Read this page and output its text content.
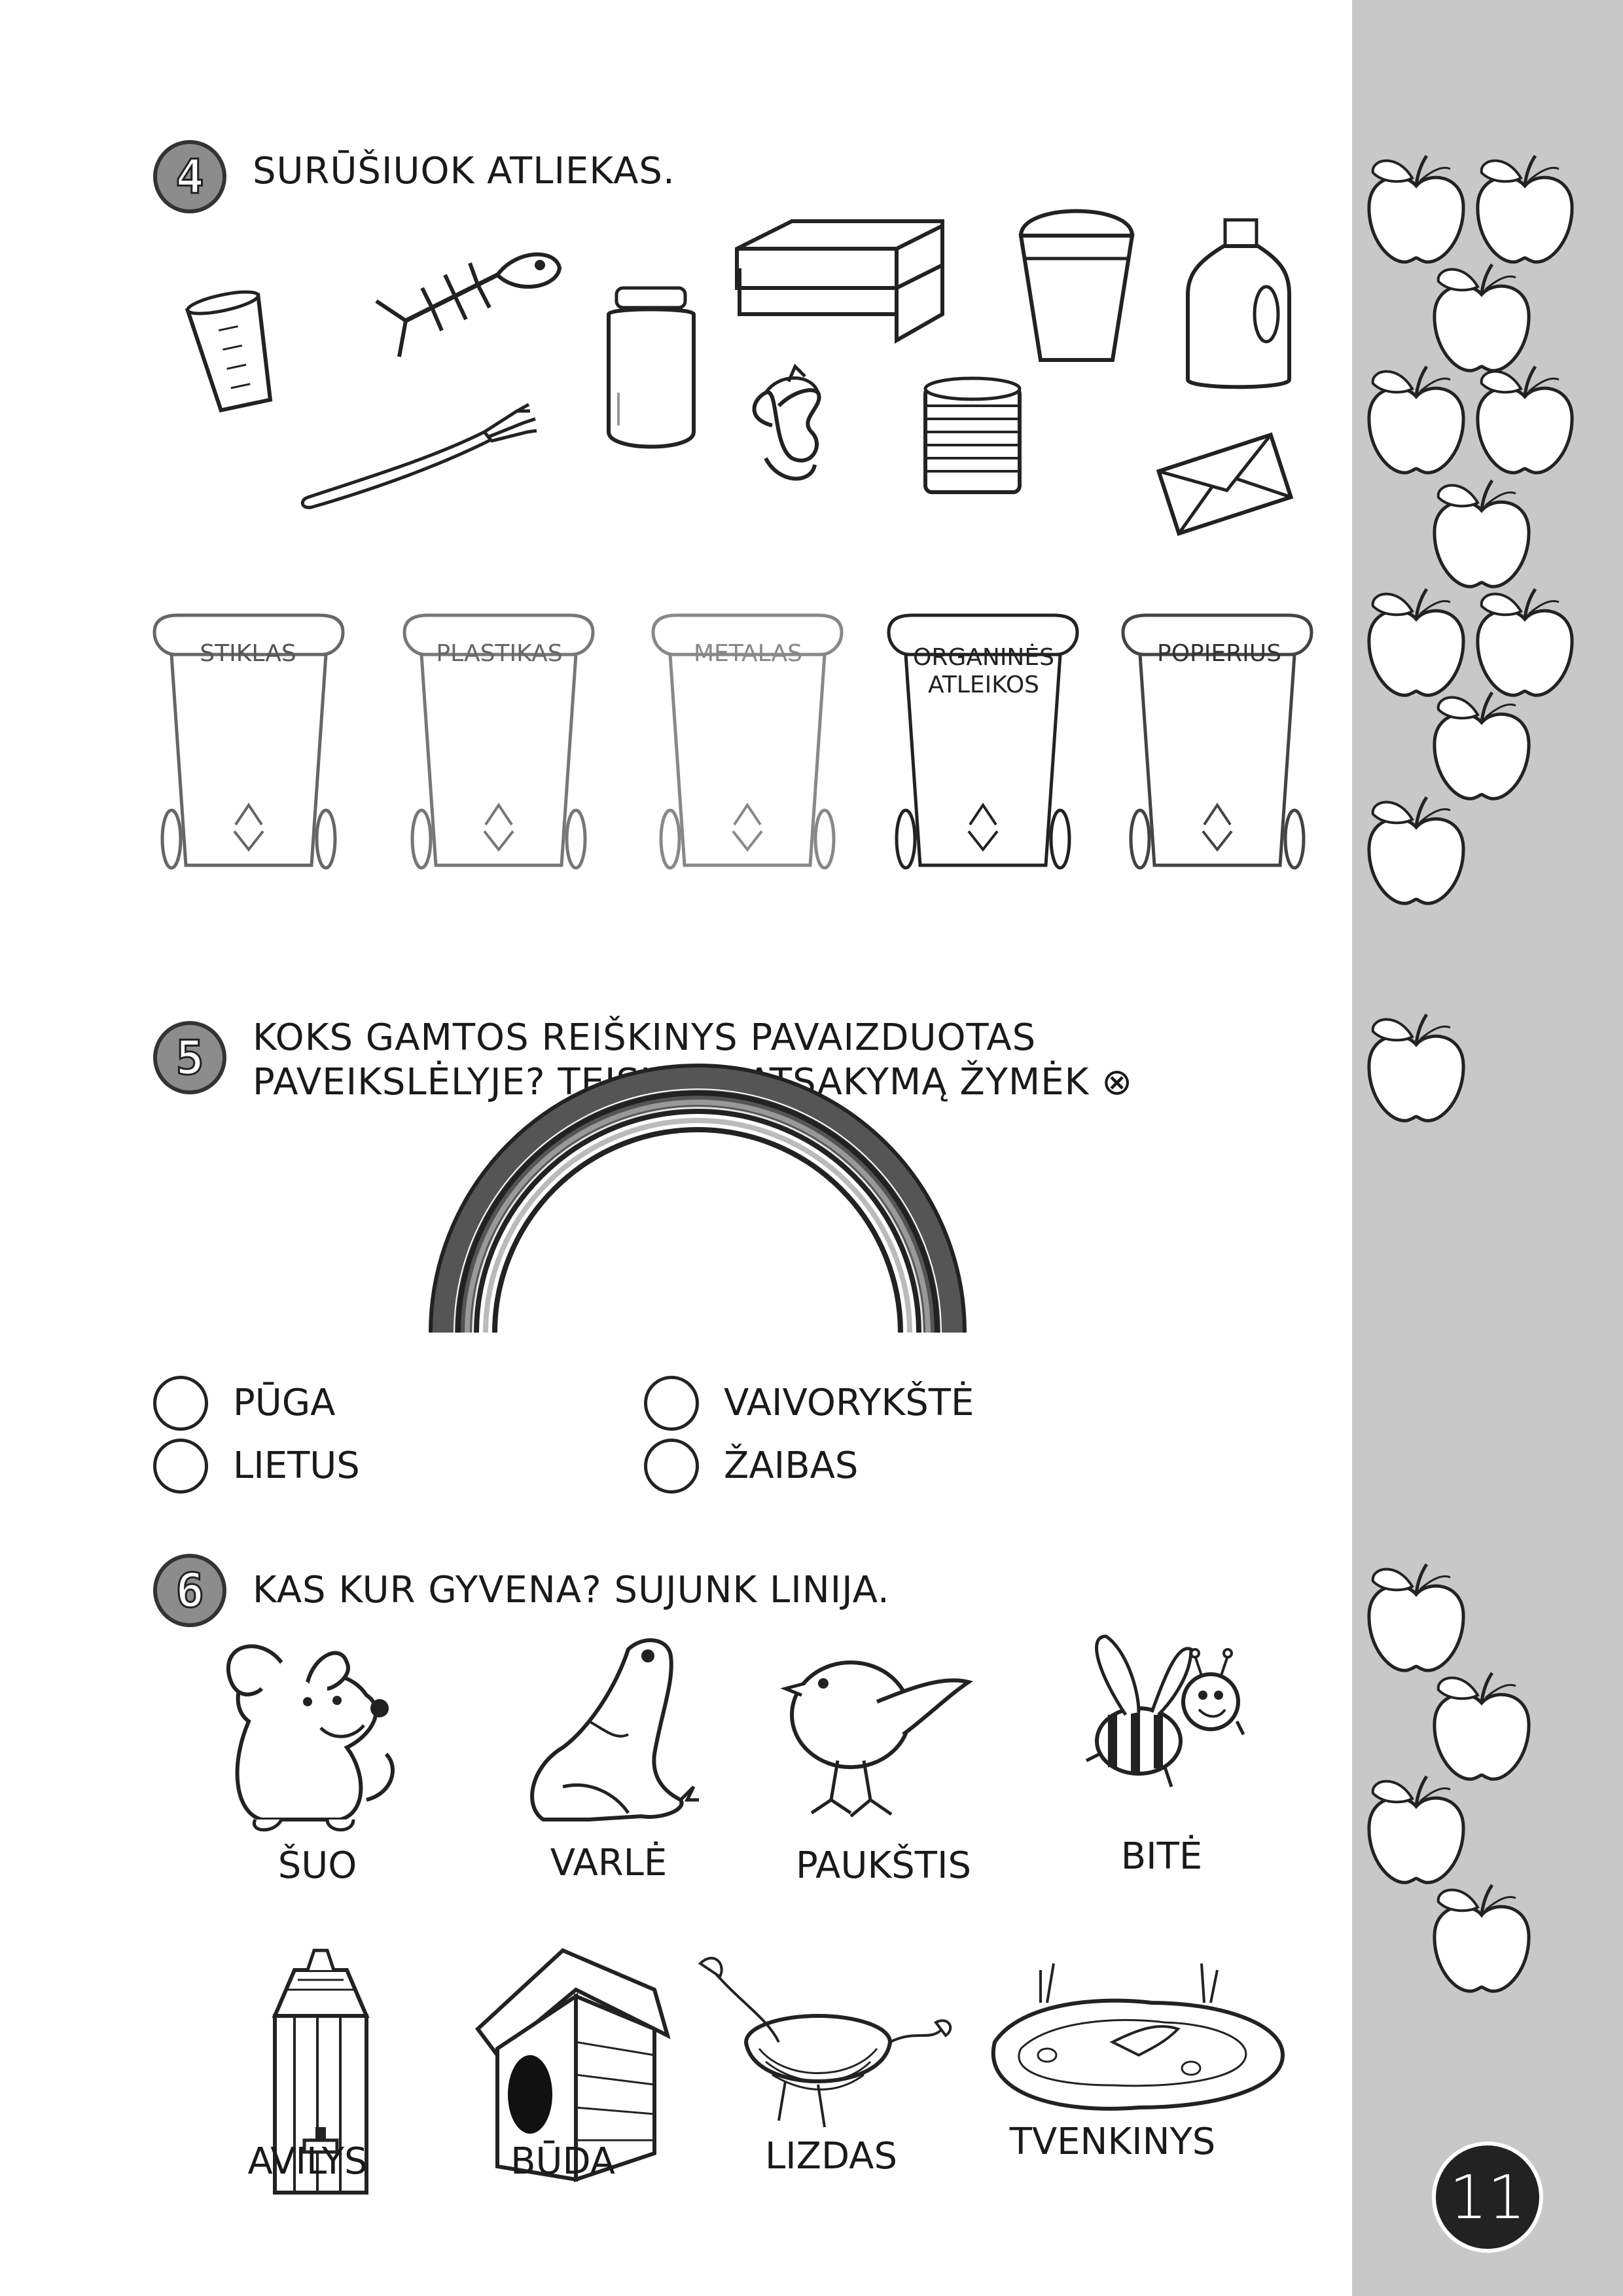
4 SURŪŠIUOK ATLIEKAS.
STIKLAS	PLASTIKAS	METALAS	ORGANINĖS
ATLEIKOS
POPIERIUS
5 KOKS GAMTOS REIŠKINYS PAVAIZDUOTAS
PAVEIKSLĖLYJE? TEISINGĄ ATSAKYMĄ ŽYMĖK ⊗
PŪGA
LIETUS
VAIVORYKŠTĖ
ŽAIBAS
6 KAS KUR GYVENA? SUJUNK LINIJA.
ŠUO	VARLĖ	PAUKŠTIS	BITĖ
AVILYS	BŪDA	LIZDAS	TVENKINYS
11
